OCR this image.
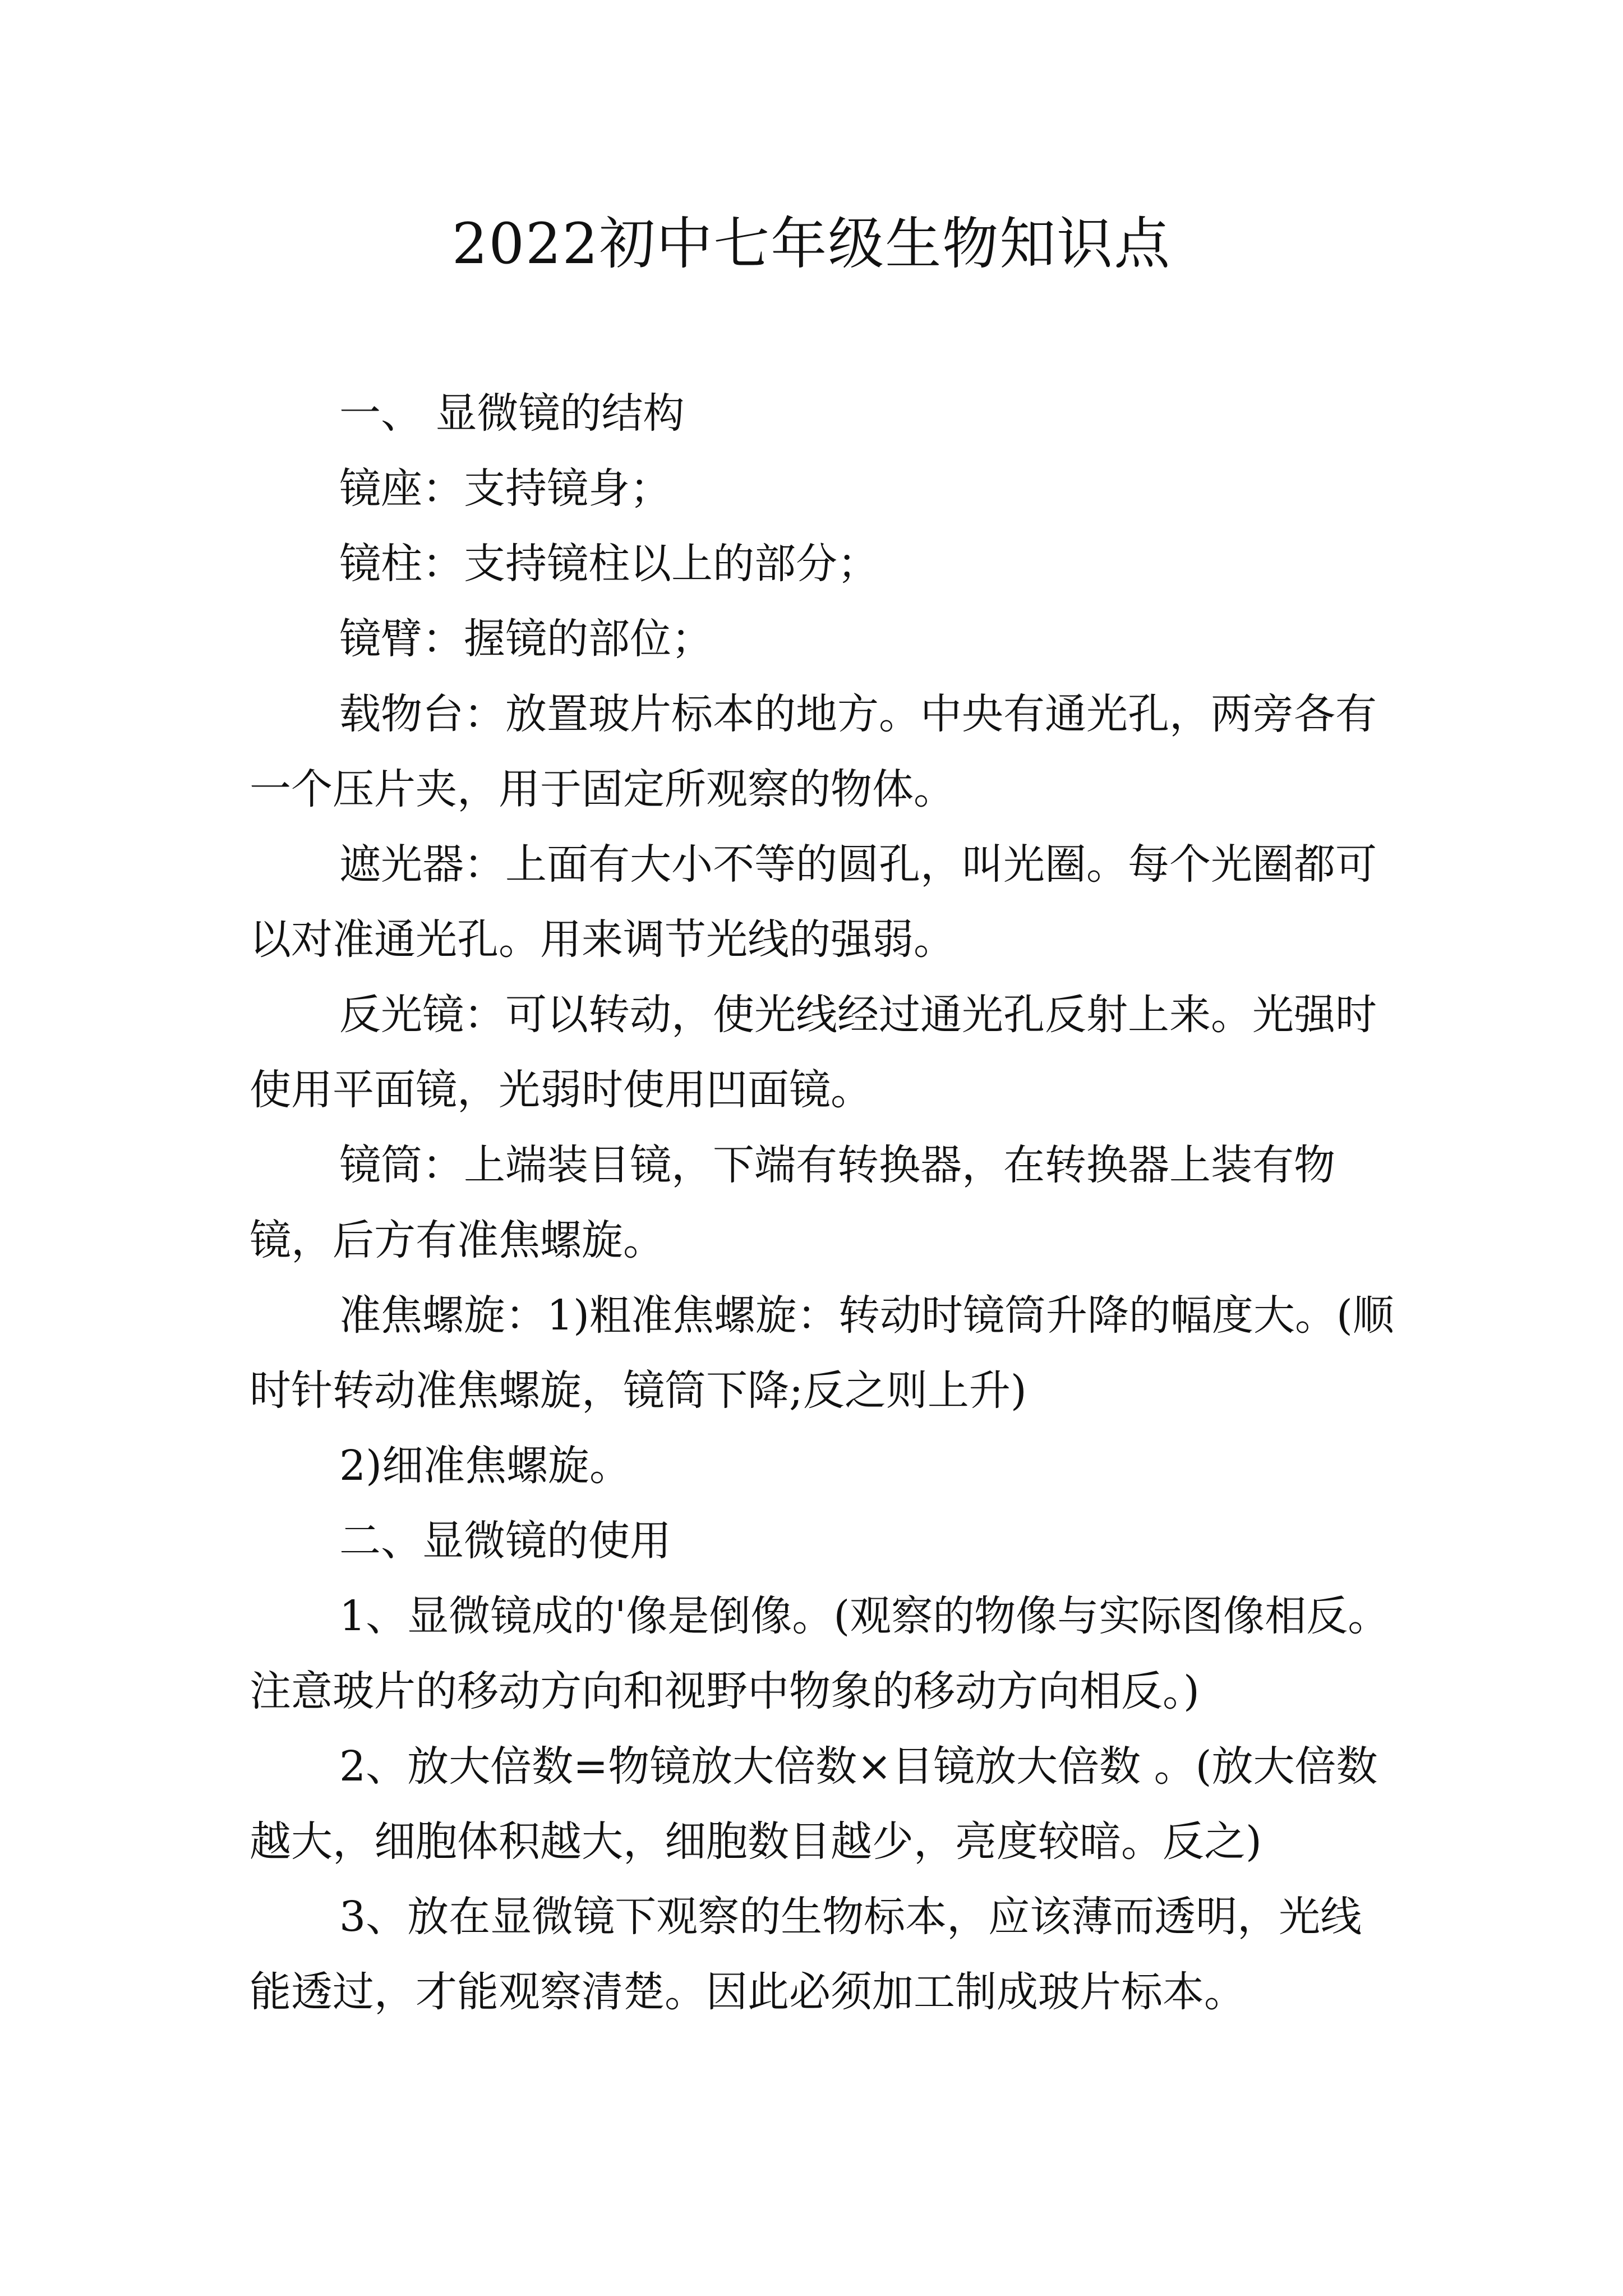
2022初中七年级生物知识点

一、 显微镜的结构

镜座：支持镜身；

镜柱：支持镜柱以上的部分；

镜臂：握镜的部位；

载物台：放置玻片标本的地方。中央有通光孔，两旁各有一个压片夹，用于固定所观察的物体。

遮光器：上面有大小不等的圆孔，叫光圈。每个光圈都可以对准通光孔。用来调节光线的强弱。

反光镜：可以转动，使光线经过通光孔反射上来。光强时使用平面镜，光弱时使用凹面镜。

镜筒：上端装目镜，下端有转换器，在转换器上装有物镜，后方有准焦螺旋。

准焦螺旋：1)粗准焦螺旋：转动时镜筒升降的幅度大。(顺时针转动准焦螺旋，镜筒下降;反之则上升)

2)细准焦螺旋。

二、显微镜的使用

1、显微镜成的'像是倒像。(观察的物像与实际图像相反。注意玻片的移动方向和视野中物象的移动方向相反。)

2、放大倍数=物镜放大倍数×目镜放大倍数 。(放大倍数越大，细胞体积越大，细胞数目越少，亮度较暗。反之)

3、放在显微镜下观察的生物标本，应该薄而透明，光线能透过，才能观察清楚。因此必须加工制成玻片标本。
